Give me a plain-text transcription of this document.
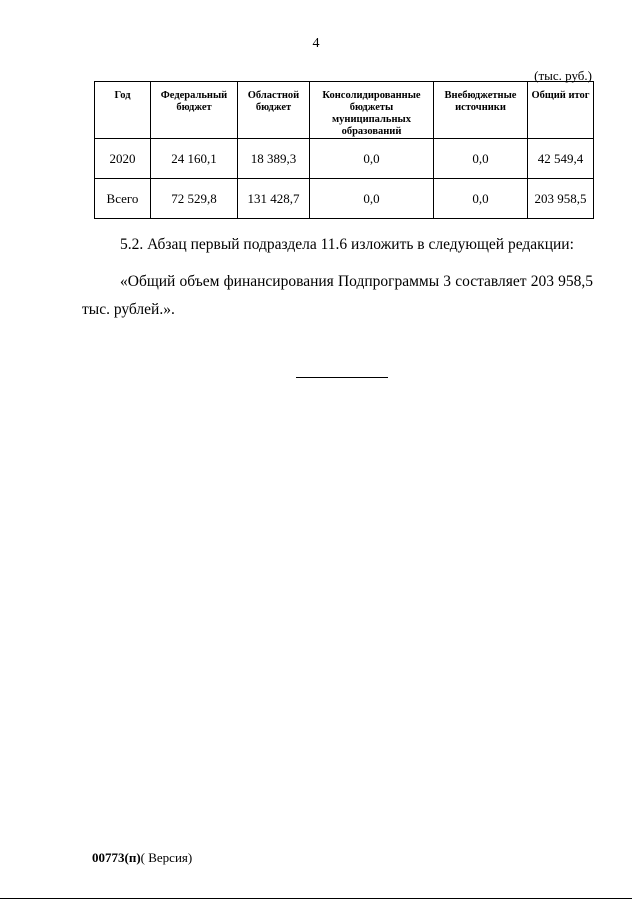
4
(тыс. руб.)
Год	Федеральный бюджет	Областной бюджет	Консолидированные бюджеты муниципальных образований	Внебюджетные источники	Общий итог
2020	24 160,1	18 389,3	0,0	0,0	42 549,4
Всего	72 529,8	131 428,7	0,0	0,0	203 958,5

5.2. Абзац первый подраздела 11.6 изложить в следующей редакции:

«Общий объем финансирования Подпрограммы 3 составляет 203 958,5 тыс. рублей.».

00773(п)( Версия)
